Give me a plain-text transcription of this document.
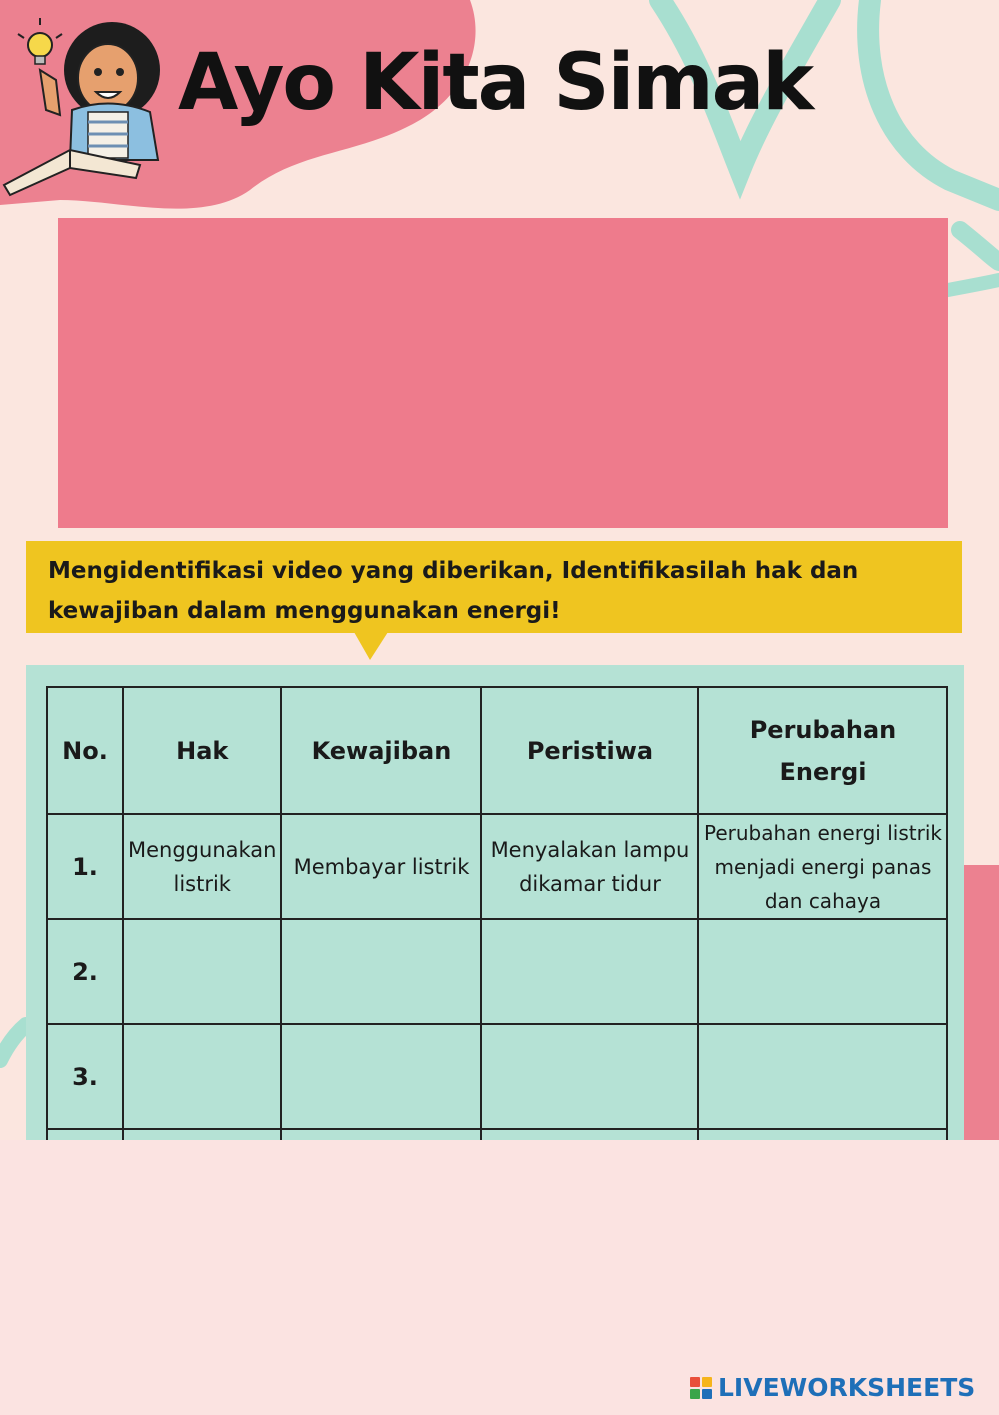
Ayo Kita Simak

Mengidentifikasi video yang diberikan, Identifikasilah hak dan

kewajiban dalam menggunakan energi!

No.	Hak	Kewajiban	Peristiwa	Perubahan Energi
1.	Menggunakan listrik	Membayar listrik	Menyalakan lampu dikamar tidur	Perubahan energi listrik menjadi energi panas dan cahaya
2.				
3.				

LIVEWORKSHEETS
